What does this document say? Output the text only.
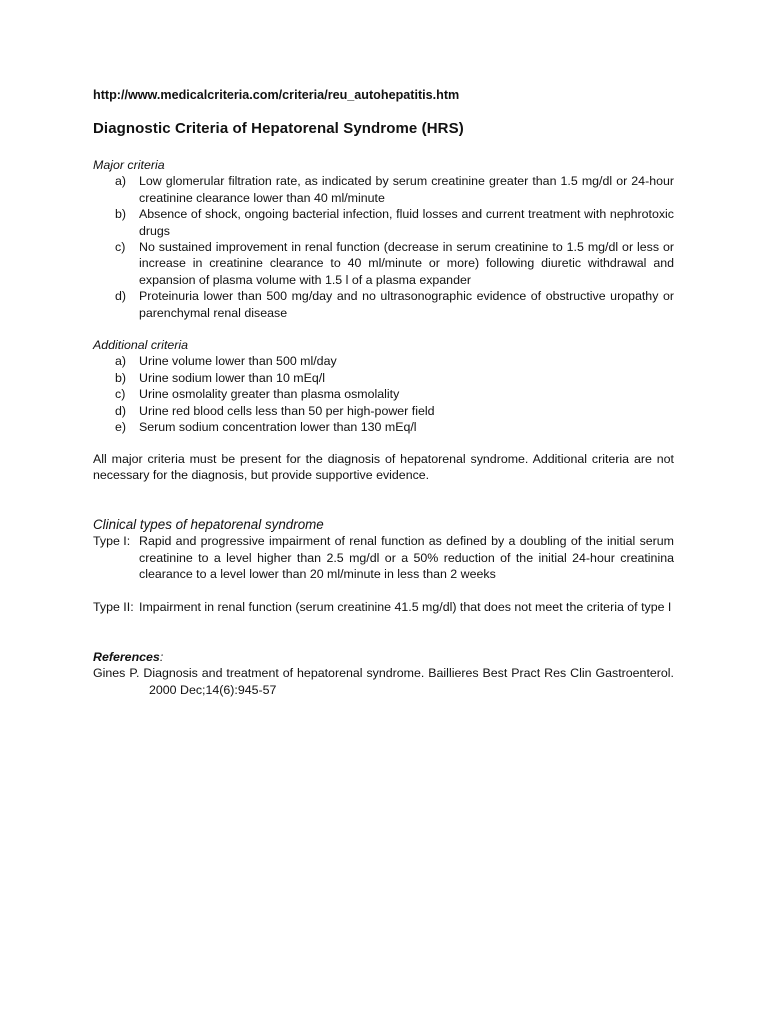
http://www.medicalcriteria.com/criteria/reu_autohepatitis.htm
Diagnostic Criteria of Hepatorenal Syndrome (HRS)
Major criteria
a) Low glomerular filtration rate, as indicated by serum creatinine greater than 1.5 mg/dl or 24-hour creatinine clearance lower than 40 ml/minute
b) Absence of shock, ongoing bacterial infection, fluid losses and current treatment with nephrotoxic drugs
c) No sustained improvement in renal function (decrease in serum creatinine to 1.5 mg/dl or less or increase in creatinine clearance to 40 ml/minute or more) following diuretic withdrawal and expansion of plasma volume with 1.5 l of a plasma expander
d) Proteinuria lower than 500 mg/day and no ultrasonographic evidence of obstructive uropathy or parenchymal renal disease
Additional criteria
a) Urine volume lower than 500 ml/day
b) Urine sodium lower than 10 mEq/l
c) Urine osmolality greater than plasma osmolality
d) Urine red blood cells less than 50 per high-power field
e) Serum sodium concentration lower than 130 mEq/l
All major criteria must be present for the diagnosis of hepatorenal syndrome. Additional criteria are not necessary for the diagnosis, but provide supportive evidence.
Clinical types of hepatorenal syndrome
Type I: Rapid and progressive impairment of renal function as defined by a doubling of the initial serum creatinine to a level higher than 2.5 mg/dl or a 50% reduction of the initial 24-hour creatinina clearance to a level lower than 20 ml/minute in less than 2 weeks
Type II: Impairment in renal function (serum creatinine 41.5 mg/dl) that does not meet the criteria of type I
References:
Gines P. Diagnosis and treatment of hepatorenal syndrome. Baillieres Best Pract Res Clin Gastroenterol. 2000 Dec;14(6):945-57
